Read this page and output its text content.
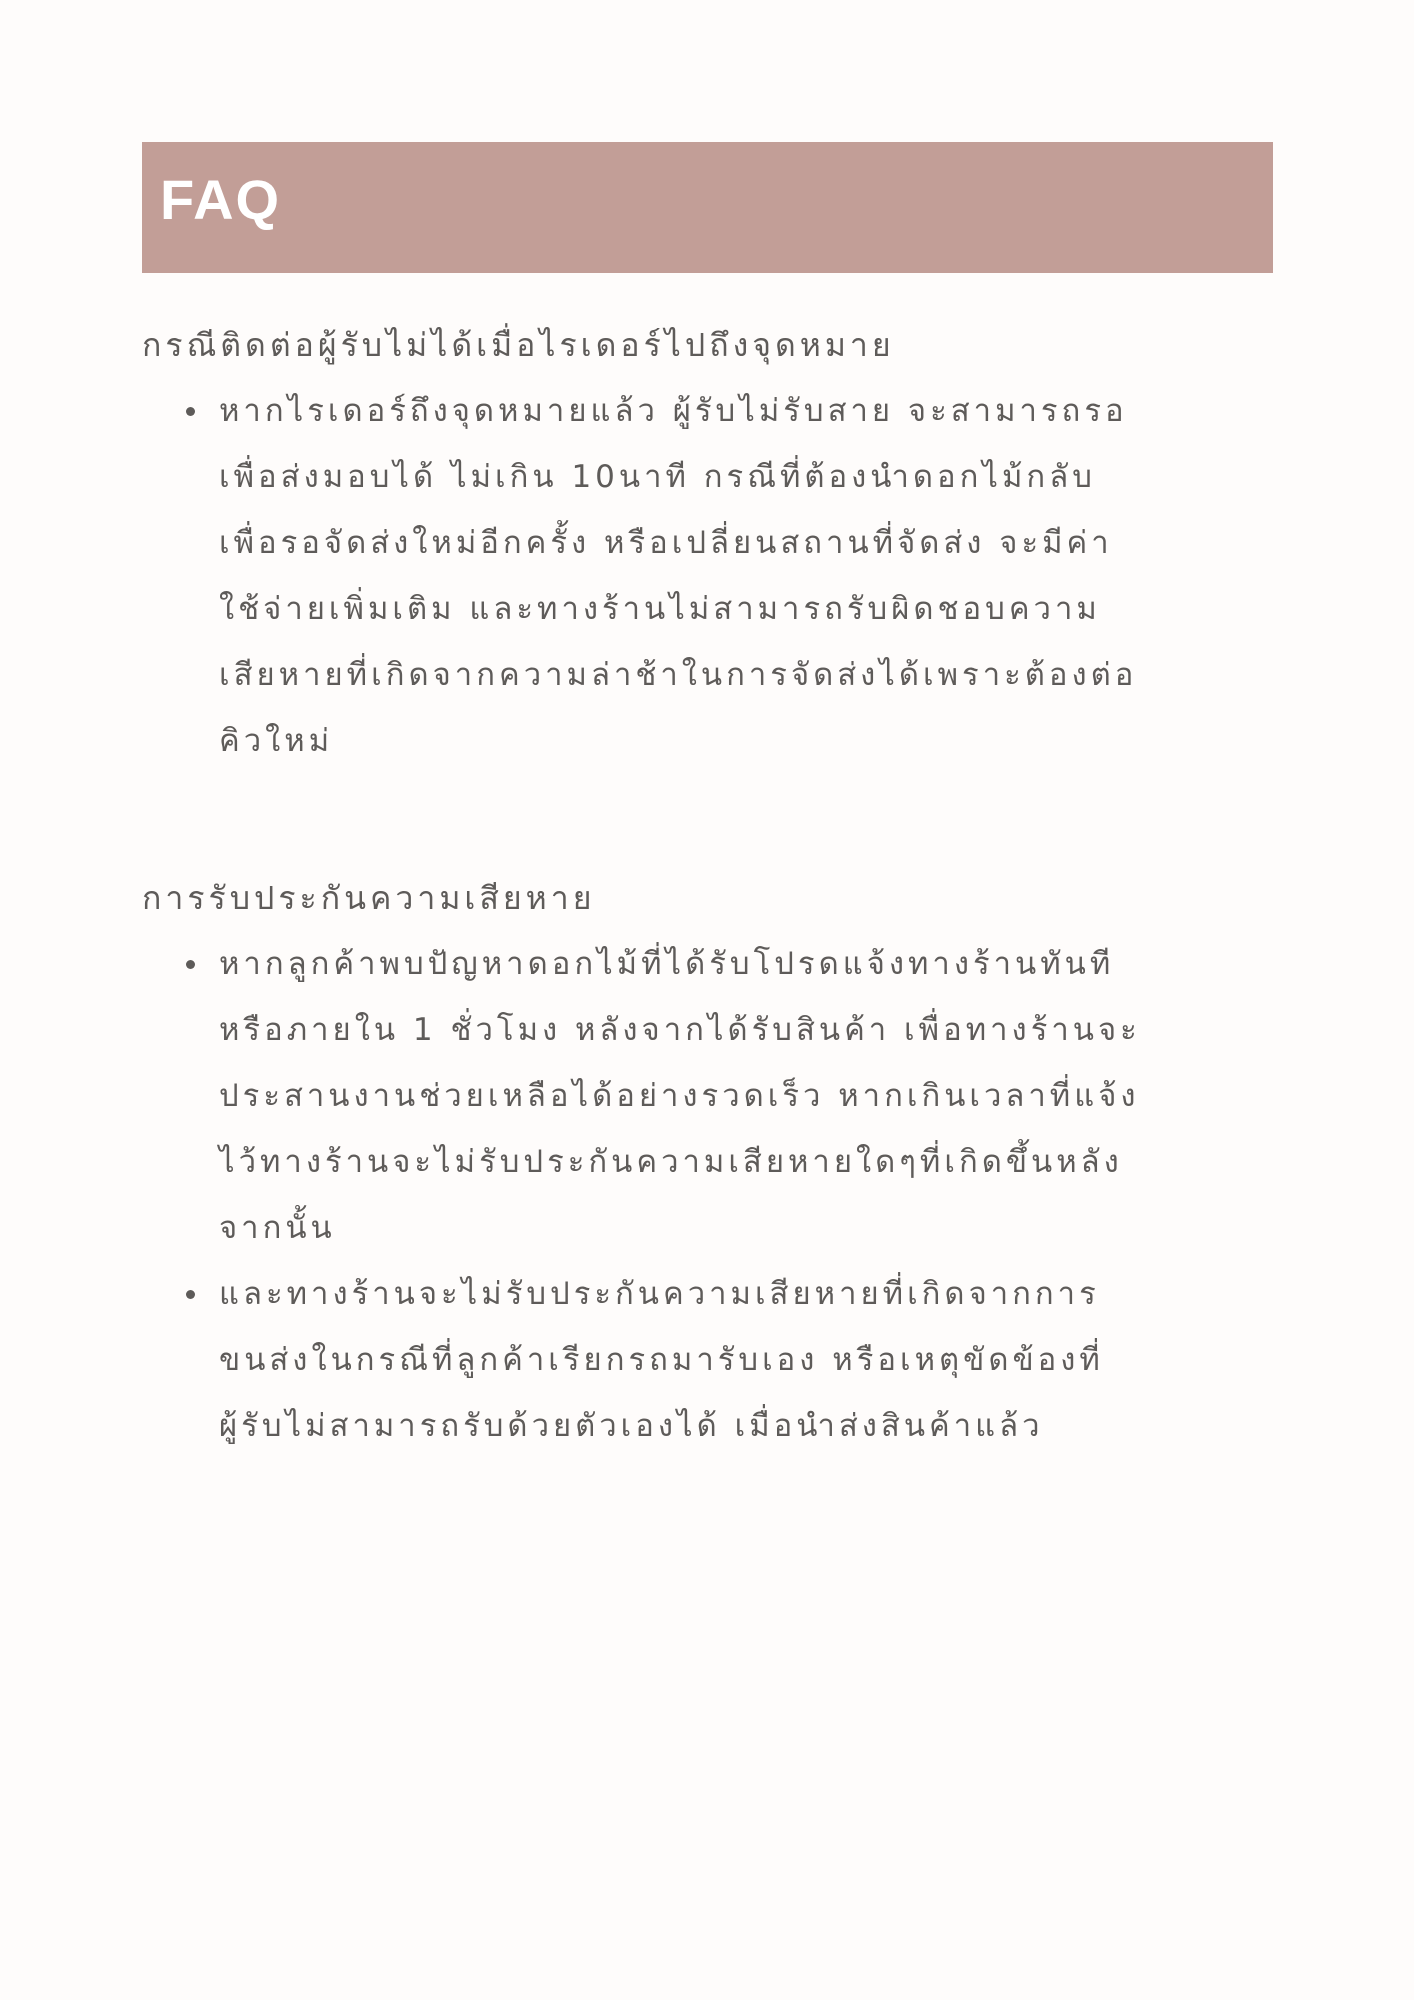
FAQ
กรณีติดต่อผู้รับไม่ได้เมื่อไรเดอร์ไปถึงจุดหมาย
หากไรเดอร์ถึงจุดหมายแล้ว ผู้รับไม่รับสาย จะสามารถรอ
เพื่อส่งมอบได้ ไม่เกิน 10นาที กรณีที่ต้องนำดอกไม้กลับ
เพื่อรอจัดส่งใหม่อีกครั้ง หรือเปลี่ยนสถานที่จัดส่ง จะมีค่า
ใช้จ่ายเพิ่มเติม และทางร้านไม่สามารถรับผิดชอบความ
เสียหายที่เกิดจากความล่าช้าในการจัดส่งได้เพราะต้องต่อ
คิวใหม่
การรับประกันความเสียหาย
หากลูกค้าพบปัญหาดอกไม้ที่ได้รับโปรดแจ้งทางร้านทันที
หรือภายใน 1 ชั่วโมง หลังจากได้รับสินค้า เพื่อทางร้านจะ
ประสานงานช่วยเหลือได้อย่างรวดเร็ว หากเกินเวลาที่แจ้ง
ไว้ทางร้านจะไม่รับประกันความเสียหายใดๆที่เกิดขึ้นหลัง
จากนั้น
และทางร้านจะไม่รับประกันความเสียหายที่เกิดจากการ
ขนส่งในกรณีที่ลูกค้าเรียกรถมารับเอง หรือเหตุขัดข้องที่
ผู้รับไม่สามารถรับด้วยตัวเองได้ เมื่อนำส่งสินค้าแล้ว
